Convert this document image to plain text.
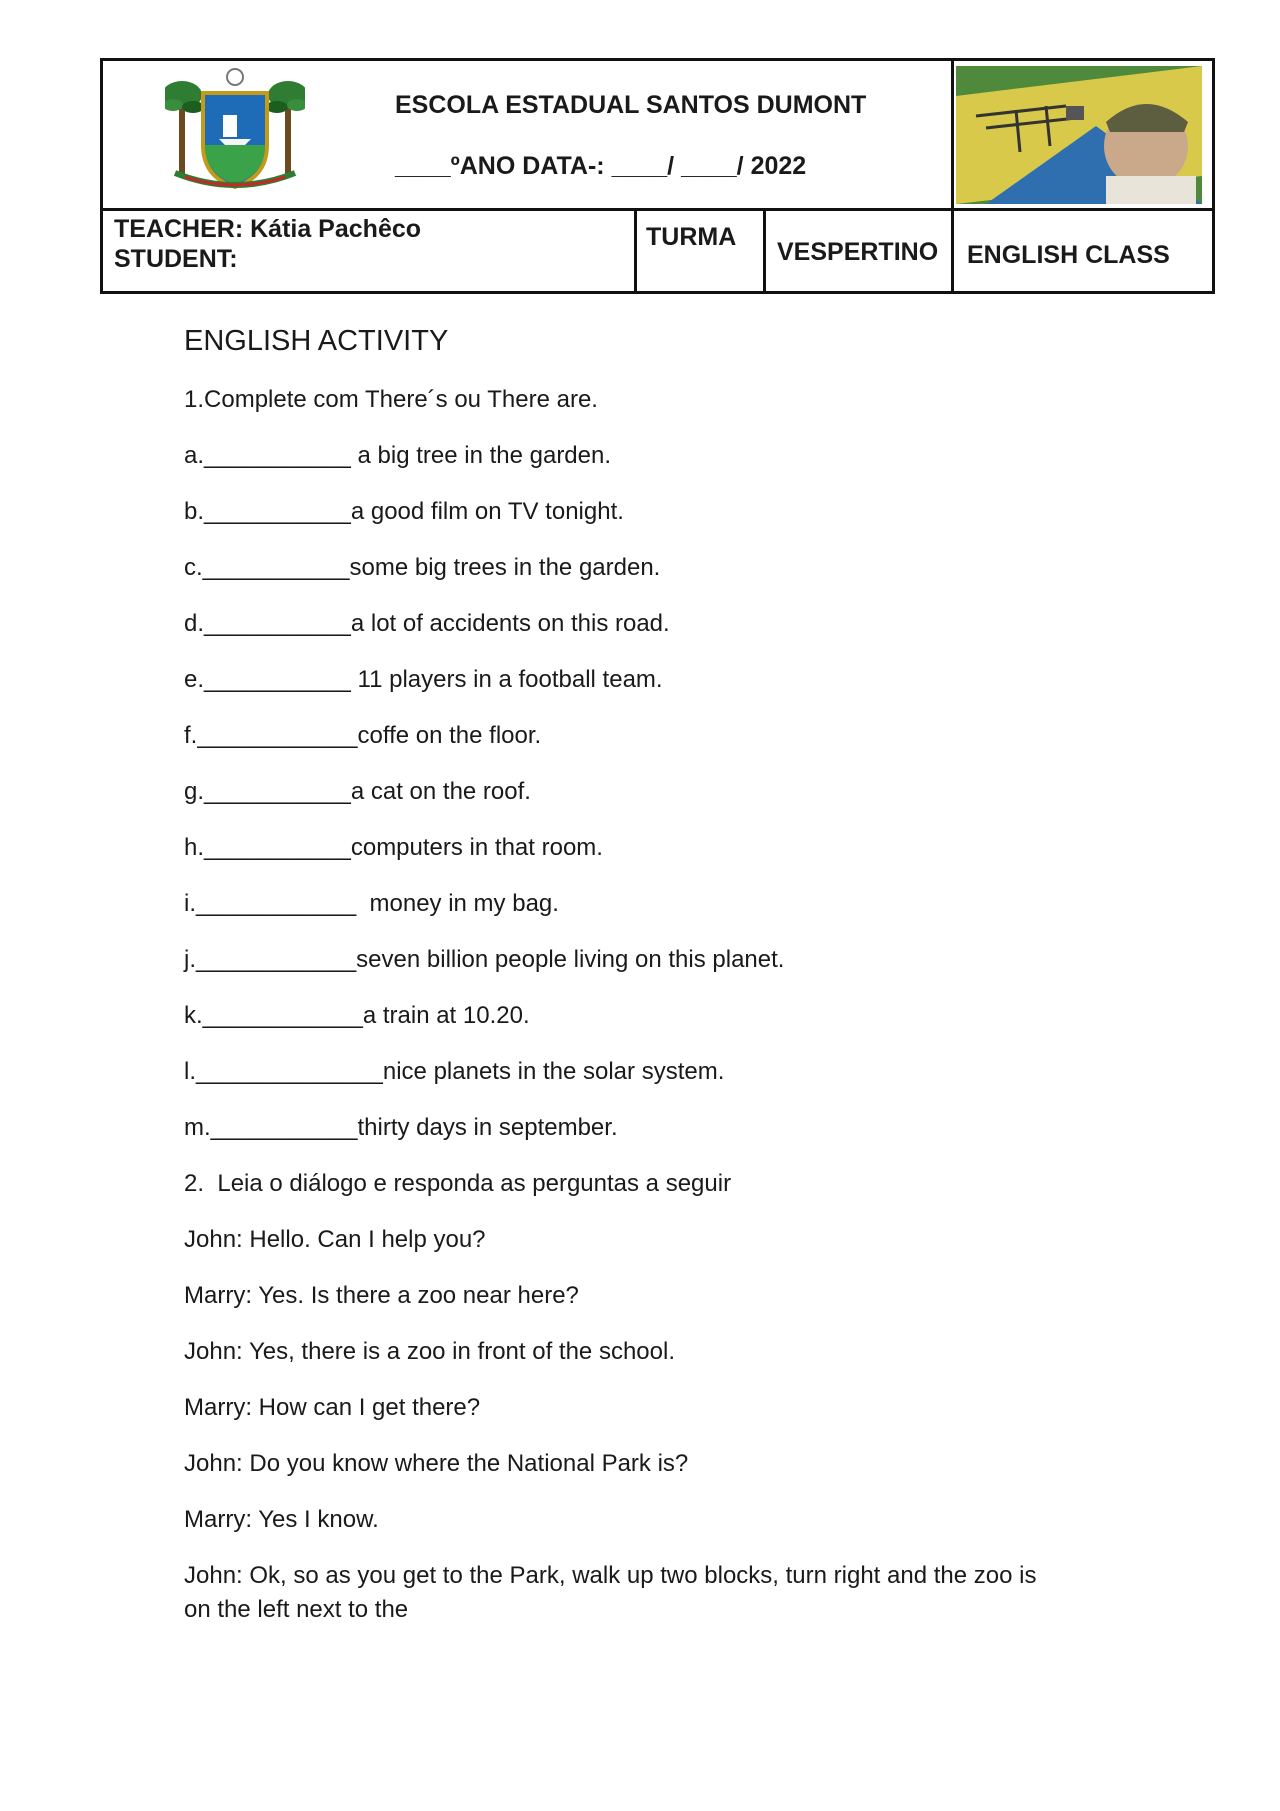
ESCOLA ESTADUAL SANTOS DUMONT
____ºANO DATA-: ____/ ____/ 2022
TEACHER: Kátia Pachêco
STUDENT:
TURMA
VESPERTINO ENGLISH CLASS
ENGLISH ACTIVITY
1.Complete com There´s ou There are.
a.___________ a big tree in the garden.
b.___________a good film on TV tonight.
c.___________some big trees in the garden.
d.___________a lot of accidents on this road.
e.___________ 11 players in a football team.
f.____________coffe on the floor.
g.___________a cat on the roof.
h.___________computers in that room.
i.____________  money in my bag.
j.____________seven billion people living on this planet.
k.____________a train at 10.20.
l.______________nice planets in the solar system.
m.___________thirty days in september.
2.  Leia o diálogo e responda as perguntas a seguir
John: Hello. Can I help you?
Marry: Yes. Is there a zoo near here?
John: Yes, there is a zoo in front of the school.
Marry: How can I get there?
John: Do you know where the National Park is?
Marry: Yes I know.
John: Ok, so as you get to the Park, walk up two blocks, turn right and the zoo is
on the left next to the
